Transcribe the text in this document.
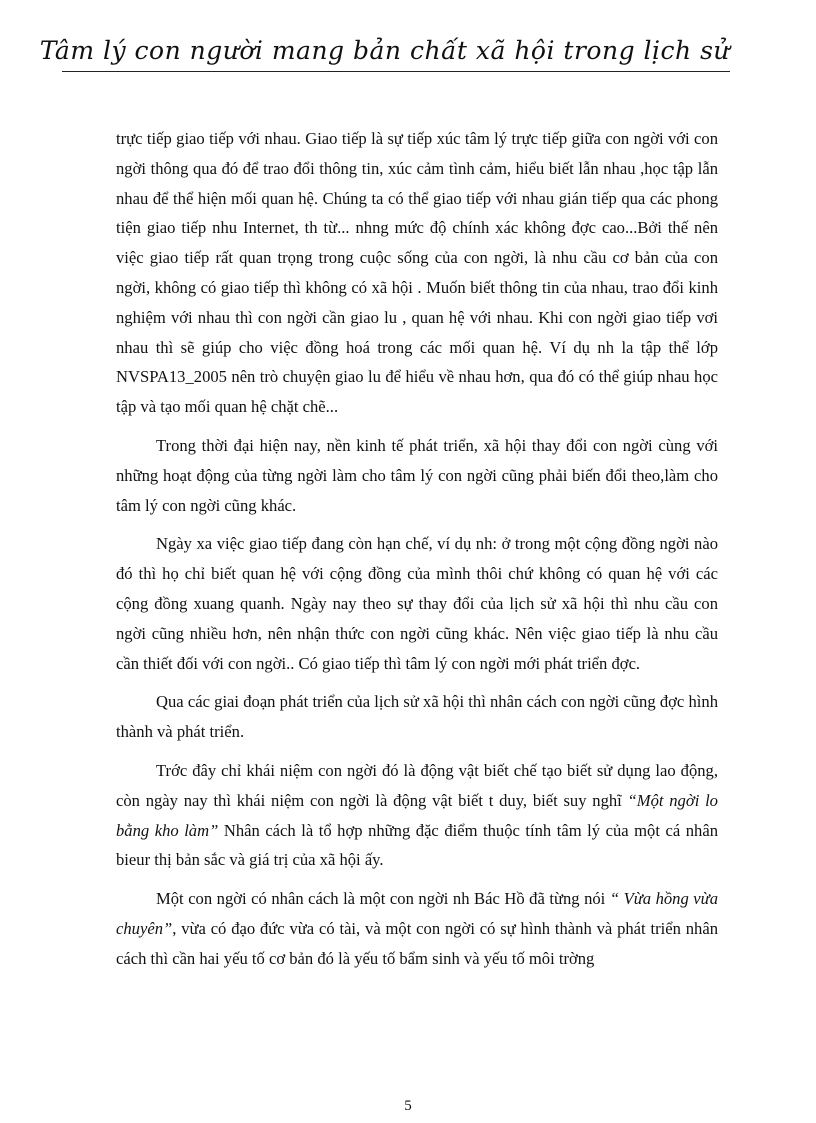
Tâm lý con người mang bản chất xã hội trong lịch sử

trực tiếp giao tiếp với nhau. Giao tiếp là sự tiếp xúc tâm lý trực tiếp giữa con ngời với con ngời thông qua đó để trao đổi thông tin, xúc cảm tình cảm, hiểu biết lẫn nhau ,học tập lẫn nhau để thể hiện mối quan hệ. Chúng ta có thể giao tiếp với nhau gián tiếp qua các phong tiện giao tiếp nhu Internet, th từ... nhng mức độ chính xác không đợc cao...Bởi thế nên việc giao tiếp rất quan trọng trong cuộc sống của con ngời, là nhu cầu cơ bản của con ngời, không có giao tiếp thì không có xã hội . Muốn biết thông tin của nhau, trao đổi kinh nghiệm với nhau thì con ngời cần giao lu , quan hệ với nhau. Khi con ngời giao tiếp vơi nhau thì sẽ giúp cho việc đồng hoá trong các mối quan hệ. Ví dụ nh la tập thể lớp NVSPA13_2005 nên trò chuyện giao lu để hiểu về nhau hơn, qua đó có thể giúp nhau học tập và tạo mối quan hệ chặt chẽ...

Trong thời đại hiện nay, nền kinh tế phát triển, xã hội thay đổi con ngời cùng với những hoạt động của từng ngời làm cho tâm lý con ngời cũng phải biến đổi theo,làm cho tâm lý con ngời cũng khác.

Ngày xa việc giao tiếp đang còn hạn chế, ví dụ nh: ở trong một cộng đồng ngời nào đó thì họ chỉ biết quan hệ với cộng đồng của mình thôi chứ không có quan hệ với các cộng đồng xuang quanh. Ngày nay theo sự thay đổi của lịch sử xã hội thì nhu cầu con ngời cũng nhiều hơn, nên nhận thức con ngời cũng khác. Nên việc giao tiếp là nhu cầu cần thiết đối với con ngời.. Có giao tiếp thì tâm lý con ngời mới phát triển đợc.

Qua các giai đoạn phát triển của lịch sử xã hội thì nhân cách con ngời cũng đợc hình thành và phát triển.

Trớc đây chỉ khái niệm con ngời đó là động vật biết chế tạo biết sử dụng lao động, còn ngày nay thì khái niệm con ngời là động vật biết t duy, biết suy nghĩ “Một ngời lo bằng kho làm” Nhân cách là tổ hợp những đặc điểm thuộc tính tâm lý của một cá nhân bieur thị bản sắc và giá trị của xã hội ấy.

Một con ngời có nhân cách là một con ngời nh Bác Hồ đã từng nói “ Vừa hồng vừa chuyên”, vừa có đạo đức vừa có tài, và một con ngời có sự hình thành và phát triển nhân cách thì cần hai yếu tố cơ bản đó là yếu tố bẩm sinh và yếu tố môi trờng

5
